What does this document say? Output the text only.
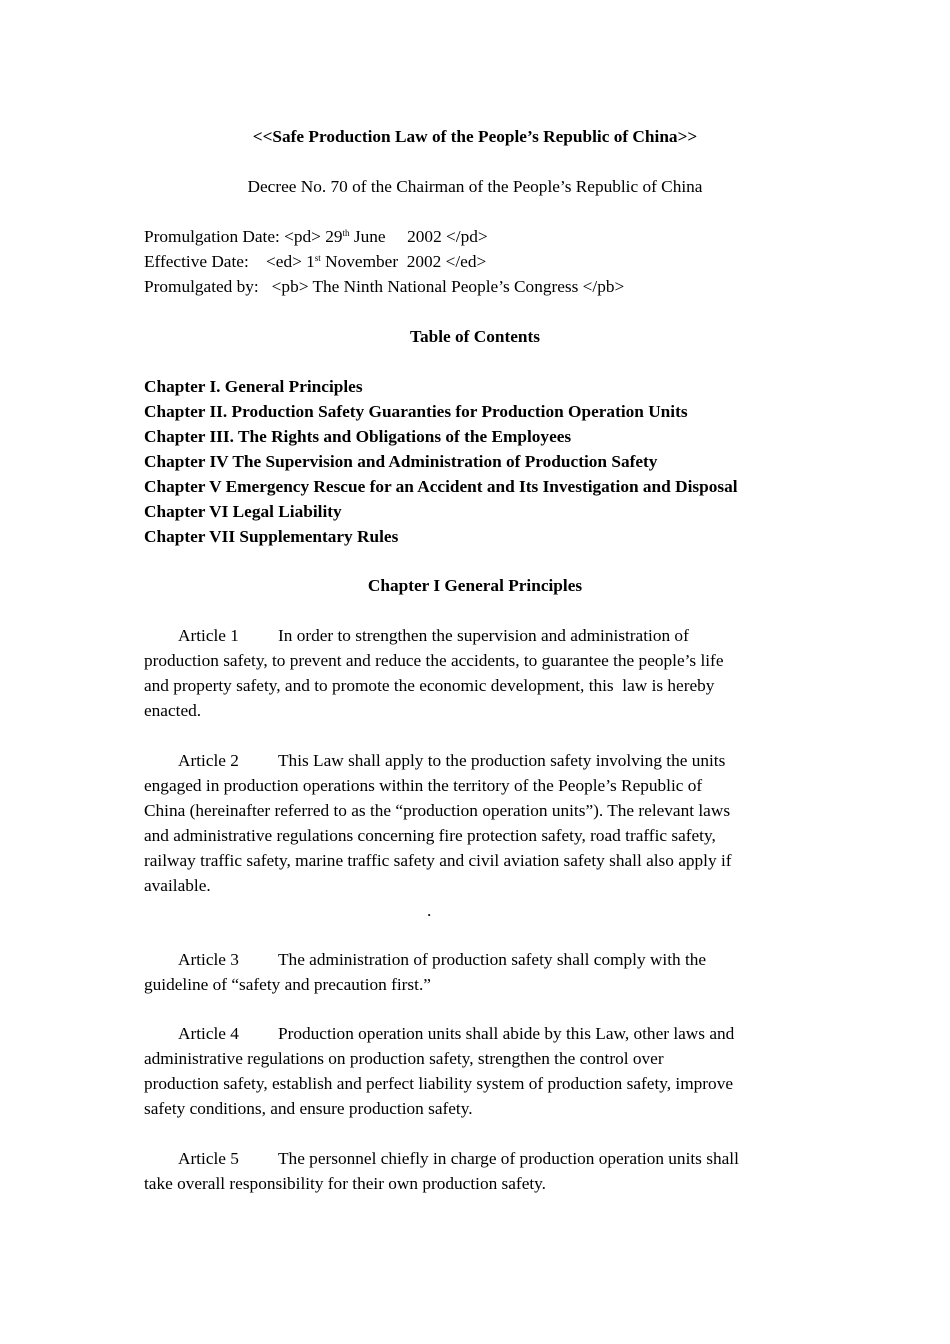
<<Safe Production Law of the People’s Republic of China>>
Decree No. 70 of the Chairman of the People’s Republic of China
Promulgation Date: <pd> 29th June     2002 </pd>
Effective Date:    <ed> 1st November  2002 </ed>
Promulgated by:   <pb> The Ninth National People’s Congress </pb>
Table of Contents
Chapter I. General Principles
Chapter II. Production Safety Guaranties for Production Operation Units
Chapter III. The Rights and Obligations of the Employees
Chapter IV The Supervision and Administration of Production Safety
Chapter V Emergency Rescue for an Accident and Its Investigation and Disposal
Chapter VI Legal Liability
Chapter VII Supplementary Rules
Chapter I General Principles
Article 1 In order to strengthen the supervision and administration of
production safety, to prevent and reduce the accidents, to guarantee the people’s life
and property safety, and to promote the economic development, this  law is hereby
enacted.
Article 2 This Law shall apply to the production safety involving the units
engaged in production operations within the territory of the People’s Republic of
China (hereinafter referred to as the “production operation units”). The relevant laws
and administrative regulations concerning fire protection safety, road traffic safety,
railway traffic safety, marine traffic safety and civil aviation safety shall also apply if
available.
.
Article 3 The administration of production safety shall comply with the
guideline of “safety and precaution first.”
Article 4 Production operation units shall abide by this Law, other laws and
administrative regulations on production safety, strengthen the control over
production safety, establish and perfect liability system of production safety, improve
safety conditions, and ensure production safety.
Article 5 The personnel chiefly in charge of production operation units shall
take overall responsibility for their own production safety.
